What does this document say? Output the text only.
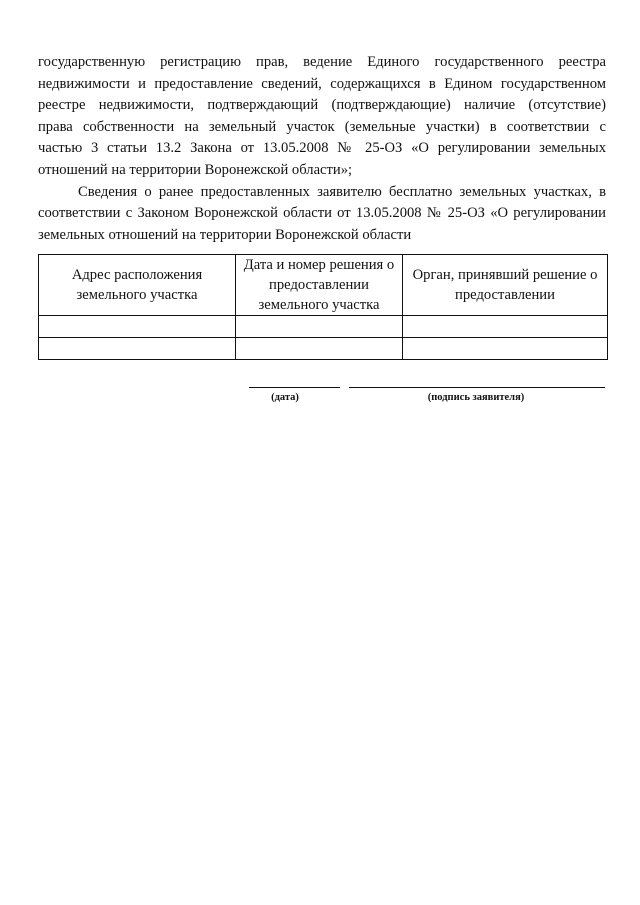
государственную регистрацию прав, ведение Единого государственного реестра
недвижимости и предоставление сведений, содержащихся в Едином государственном
реестре недвижимости, подтверждающий (подтверждающие) наличие (отсутствие)
права собственности на земельный участок (земельные участки) в соответствии с
частью 3 статьи 13.2 Закона от 13.05.2008 № 25-ОЗ «О регулировании земельных
отношений на территории Воронежской области»;

Сведения о ранее предоставленных заявителю бесплатно земельных участках, в
соответствии с Законом Воронежской области от 13.05.2008 № 25-ОЗ «О регулировании
земельных отношений на территории Воронежской области

Адрес расположения земельного участка	Дата и номер решения о предоставлении земельного участка	Орган, принявший решение о предоставлении

(дата)	(подпись заявителя)
